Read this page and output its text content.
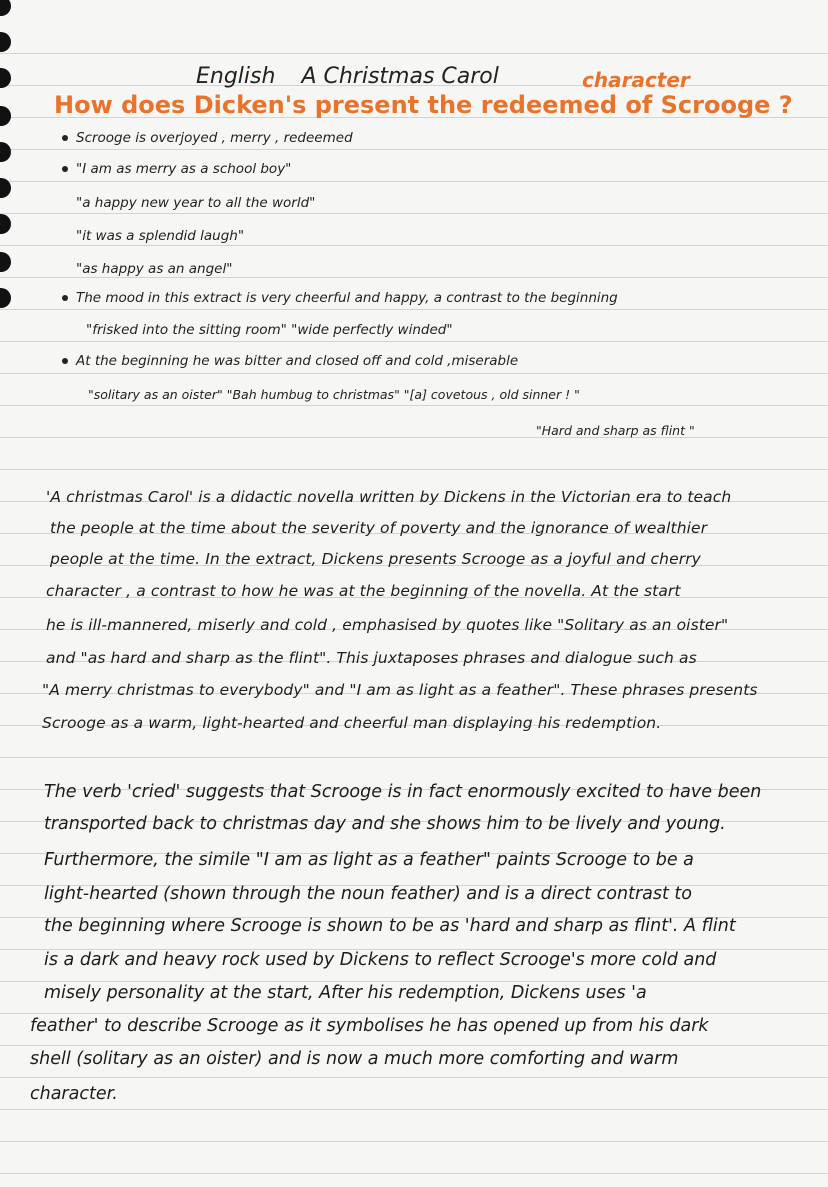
English A Christmas Carol	character
How does Dicken's present the redeemed of Scrooge ?
Scrooge is overjoyed , merry , redeemed
"I am as merry as a school boy"
"a happy new year to all the world"
"it was a splendid laugh"
"as happy as an angel"
The mood in this extract is very cheerful and happy, a contrast to the beginning
"frisked into the sitting room" "wide perfectly winded"
At the beginning he was bitter and closed off and cold ,miserable
"solitary as an oister" "Bah humbug to christmas" "[a] covetous , old sinner ! "
"Hard and sharp as flint "
'A christmas Carol' is a didactic novella written by Dickens in the Victorian era to teach
the people at the time about the severity of poverty and the ignorance of wealthier
people at the time. In the extract, Dickens presents Scrooge as a joyful and cherry
character , a contrast to how he was at the beginning of the novella. At the start
he is ill-mannered, miserly and cold , emphasised by quotes like "Solitary as an oister"
and "as hard and sharp as the flint". This juxtaposes phrases and dialogue such as
"A merry christmas to everybody" and "I am as light as a feather". These phrases presents
Scrooge as a warm, light-hearted and cheerful man displaying his redemption.
The verb 'cried' suggests that Scrooge is in fact enormously excited to have been
transported back to christmas day and she shows him to be lively and young.
Furthermore, the simile "I am as light as a feather" paints Scrooge to be a
light-hearted (shown through the noun feather) and is a direct contrast to
the beginning where Scrooge is shown to be as 'hard and sharp as flint'. A flint
is a dark and heavy rock used by Dickens to reflect Scrooge's more cold and
misely personality at the start, After his redemption, Dickens uses 'a
feather' to describe Scrooge as it symbolises he has opened up from his dark
shell (solitary as an oister) and is now a much more comforting and warm
character.
